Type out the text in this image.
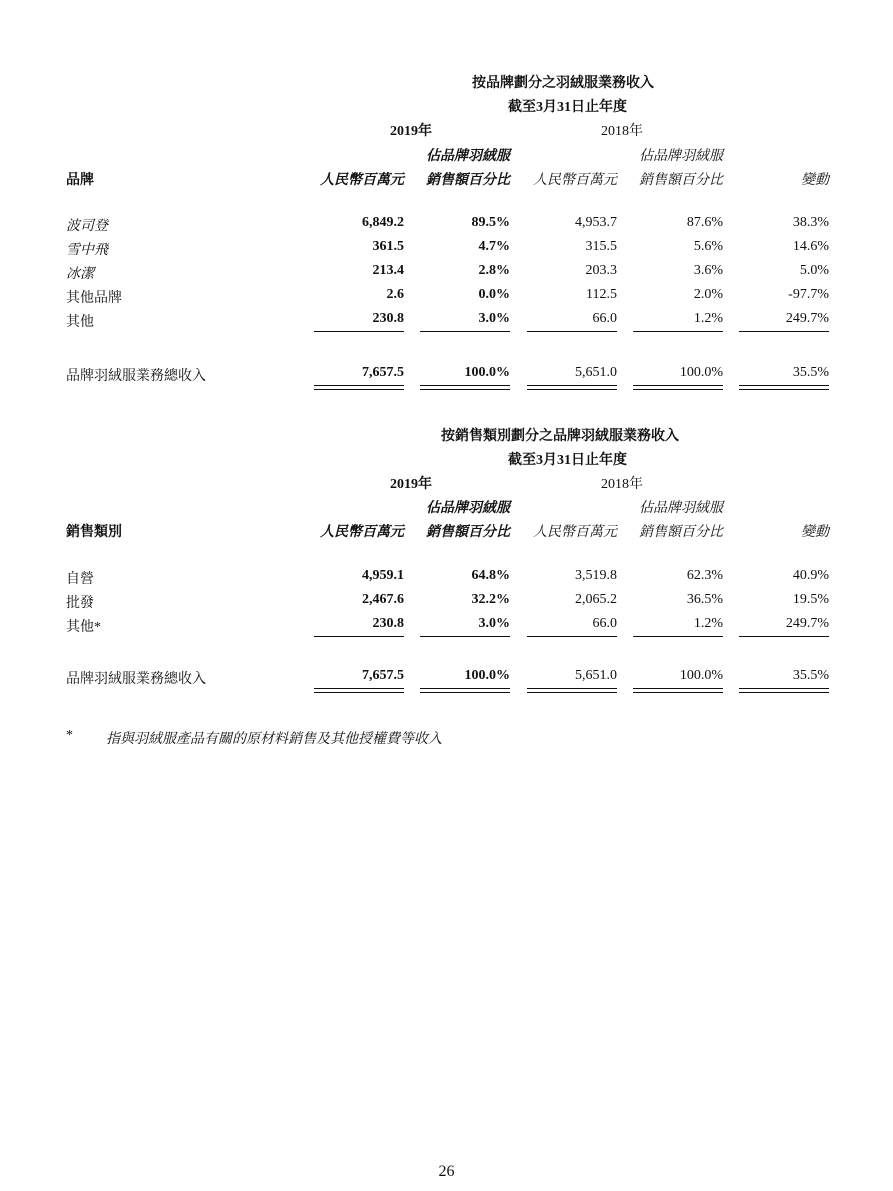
按品牌劃分之羽絨服業務收入
截至3月31日止年度
2019年	2018年
佔品牌羽絨服	佔品牌羽絨服
品牌	人民幣百萬元	銷售額百分比	人民幣百萬元	銷售額百分比	變動
波司登	6,849.2	89.5%	4,953.7	87.6%	38.3%
雪中飛	361.5	4.7%	315.5	5.6%	14.6%
冰潔	213.4	2.8%	203.3	3.6%	5.0%
其他品牌	2.6	0.0%	112.5	2.0%	-97.7%
其他	230.8	3.0%	66.0	1.2%	249.7%
品牌羽絨服業務總收入	7,657.5	100.0%	5,651.0	100.0%	35.5%
按銷售類別劃分之品牌羽絨服業務收入
截至3月31日止年度
2019年	2018年
佔品牌羽絨服	佔品牌羽絨服
銷售類別	人民幣百萬元	銷售額百分比	人民幣百萬元	銷售額百分比	變動
自營	4,959.1	64.8%	3,519.8	62.3%	40.9%
批發	2,467.6	32.2%	2,065.2	36.5%	19.5%
其他*	230.8	3.0%	66.0	1.2%	249.7%
品牌羽絨服業務總收入	7,657.5	100.0%	5,651.0	100.0%	35.5%
* 指與羽絨服產品有關的原材料銷售及其他授權費等收入
26
